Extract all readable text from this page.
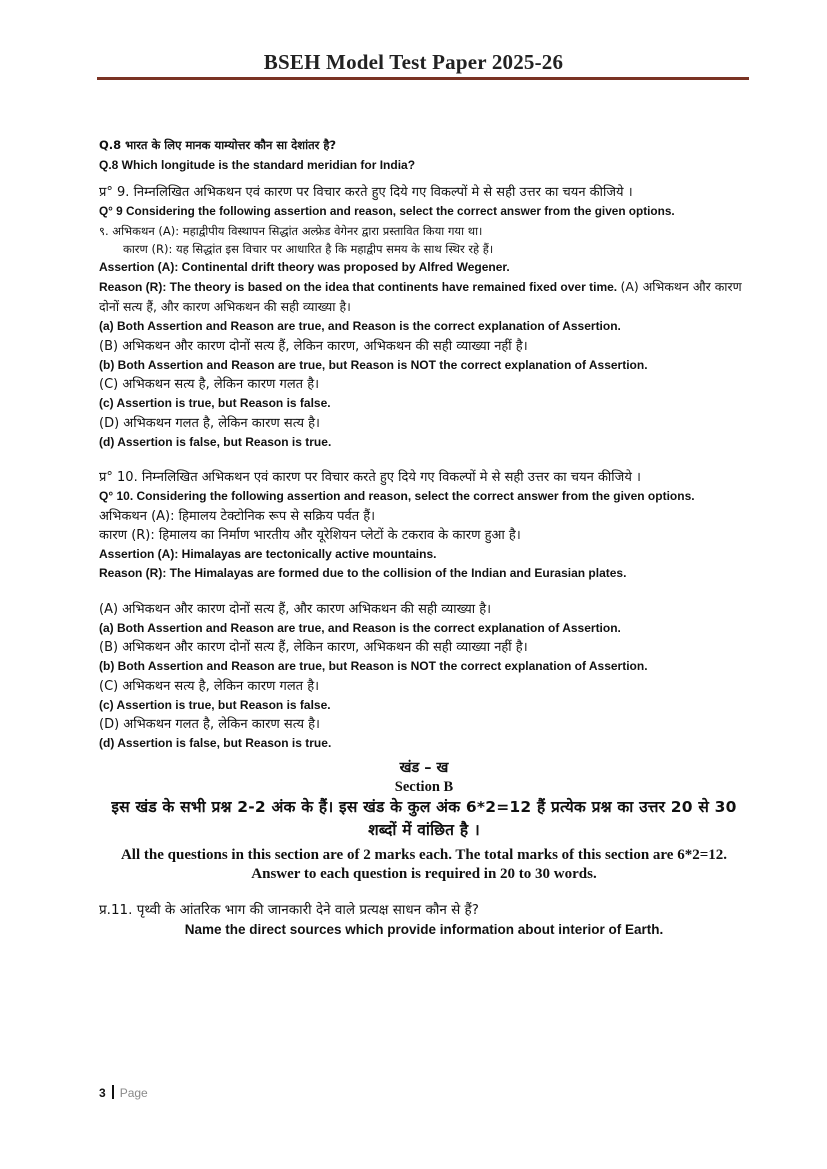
BSEH Model Test Paper 2025-26
Q.8 भारत के लिए मानक याम्योत्तर कौन सा देशांतर है?
Q.8 Which longitude is the standard meridian for India?
प्र° 9. निम्नलिखित अभिकथन एवं कारण पर विचार करते हुए दिये गए विकल्पों मे से सही उत्तर का चयन कीजिये ।
Q° 9 Considering the following assertion and reason, select the correct answer from the given options.
९. अभिकथन (A): महाद्वीपीय विस्थापन सिद्धांत अल्फ्रेड वेगेनर द्वारा प्रस्तावित किया गया था।
कारण (R): यह सिद्धांत इस विचार पर आधारित है कि महाद्वीप समय के साथ स्थिर रहे हैं।
Assertion (A): Continental drift theory was proposed by Alfred Wegener.
Reason (R): The theory is based on the idea that continents have remained fixed over time. (A) अभिकथन और कारण दोनों सत्य हैं, और कारण अभिकथन की सही व्याख्या है।
(a) Both Assertion and Reason are true, and Reason is the correct explanation of Assertion.
(B) अभिकथन और कारण दोनों सत्य हैं, लेकिन कारण, अभिकथन की सही व्याख्या नहीं है।
(b) Both Assertion and Reason are true, but Reason is NOT the correct explanation of Assertion.
(C) अभिकथन सत्य है, लेकिन कारण गलत है।
(c) Assertion is true, but Reason is false.
(D) अभिकथन गलत है, लेकिन कारण सत्य है।
(d) Assertion is false, but Reason is true.
प्र° 10. निम्नलिखित अभिकथन एवं कारण पर विचार करते हुए दिये गए विकल्पों मे से सही उत्तर का चयन कीजिये ।
Q° 10. Considering the following assertion and reason, select the correct answer from the given options.
अभिकथन (A): हिमालय टेक्टोनिक रूप से सक्रिय पर्वत हैं।
कारण (R): हिमालय का निर्माण भारतीय और यूरेशियन प्लेटों के टकराव के कारण हुआ है।
Assertion (A): Himalayas are tectonically active mountains.
Reason (R): The Himalayas are formed due to the collision of the Indian and Eurasian plates.
(A) अभिकथन और कारण दोनों सत्य हैं, और कारण अभिकथन की सही व्याख्या है।
(a) Both Assertion and Reason are true, and Reason is the correct explanation of Assertion.
(B) अभिकथन और कारण दोनों सत्य हैं, लेकिन कारण, अभिकथन की सही व्याख्या नहीं है।
(b) Both Assertion and Reason are true, but Reason is NOT the correct explanation of Assertion.
(C) अभिकथन सत्य है, लेकिन कारण गलत है।
(c) Assertion is true, but Reason is false.
(D) अभिकथन गलत है, लेकिन कारण सत्य है।
(d) Assertion is false, but Reason is true.
खंड – ख
Section B
इस खंड के सभी प्रश्न 2-2 अंक के हैं। इस खंड के कुल अंक 6*2=12 हैं प्रत्येक प्रश्न का उत्तर 20 से 30 शब्दों में वांछित है ।
All the questions in this section are of 2 marks each. The total marks of this section are 6*2=12. Answer to each question is required in 20 to 30 words.
प्र.11. पृथ्वी के आंतरिक भाग की जानकारी देने वाले प्रत्यक्ष साधन कौन से हैं?
Name the direct sources which provide information about interior of Earth.
3 Page
